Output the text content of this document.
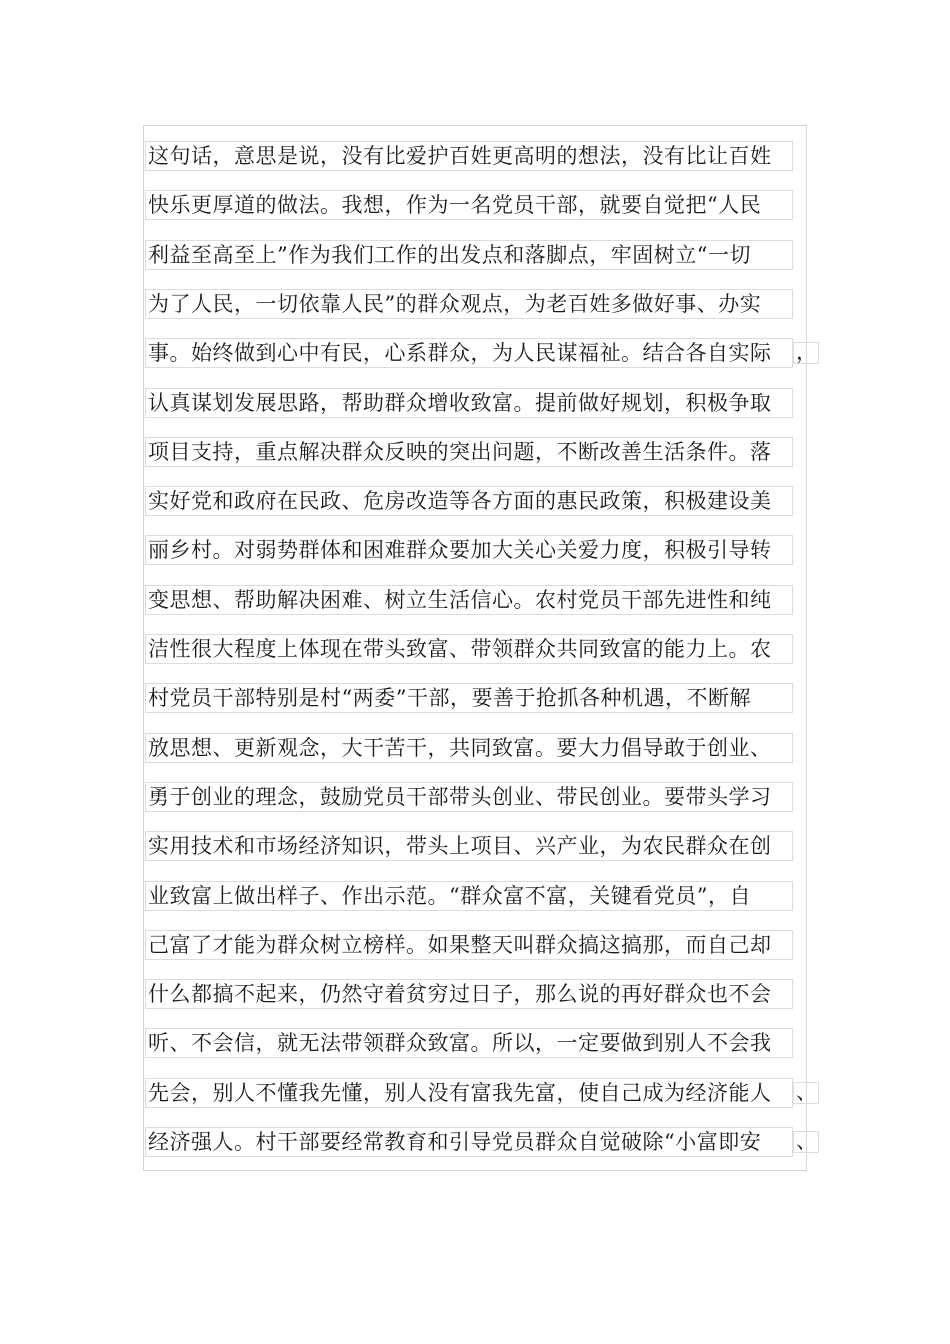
这句话，意思是说，没有比爱护百姓更高明的想法，没有比让百姓
快乐更厚道的做法。我想，作为一名党员干部，就要自觉把“人民
利益至高至上”作为我们工作的出发点和落脚点，牢固树立“一切
为了人民，一切依靠人民”的群众观点，为老百姓多做好事、办实
事。始终做到心中有民，心系群众，为人民谋福祉。结合各自实际
认真谋划发展思路，帮助群众增收致富。提前做好规划，积极争取
项目支持，重点解决群众反映的突出问题，不断改善生活条件。落
实好党和政府在民政、危房改造等各方面的惠民政策，积极建设美
丽乡村。对弱势群体和困难群众要加大关心关爱力度，积极引导转
变思想、帮助解决困难、树立生活信心。农村党员干部先进性和纯
洁性很大程度上体现在带头致富、带领群众共同致富的能力上。农
村党员干部特别是村“两委”干部，要善于抢抓各种机遇，不断解
放思想、更新观念，大干苦干，共同致富。要大力倡导敢于创业、
勇于创业的理念，鼓励党员干部带头创业、带民创业。要带头学习
实用技术和市场经济知识，带头上项目、兴产业，为农民群众在创
业致富上做出样子、作出示范。“群众富不富，关键看党员”，自
己富了才能为群众树立榜样。如果整天叫群众搞这搞那，而自己却
什么都搞不起来，仍然守着贫穷过日子，那么说的再好群众也不会
听、不会信，就无法带领群众致富。所以，一定要做到别人不会我
先会，别人不懂我先懂，别人没有富我先富，使自己成为经济能人
经济强人。村干部要经常教育和引导党员群众自觉破除“小富即安
，
、
、
